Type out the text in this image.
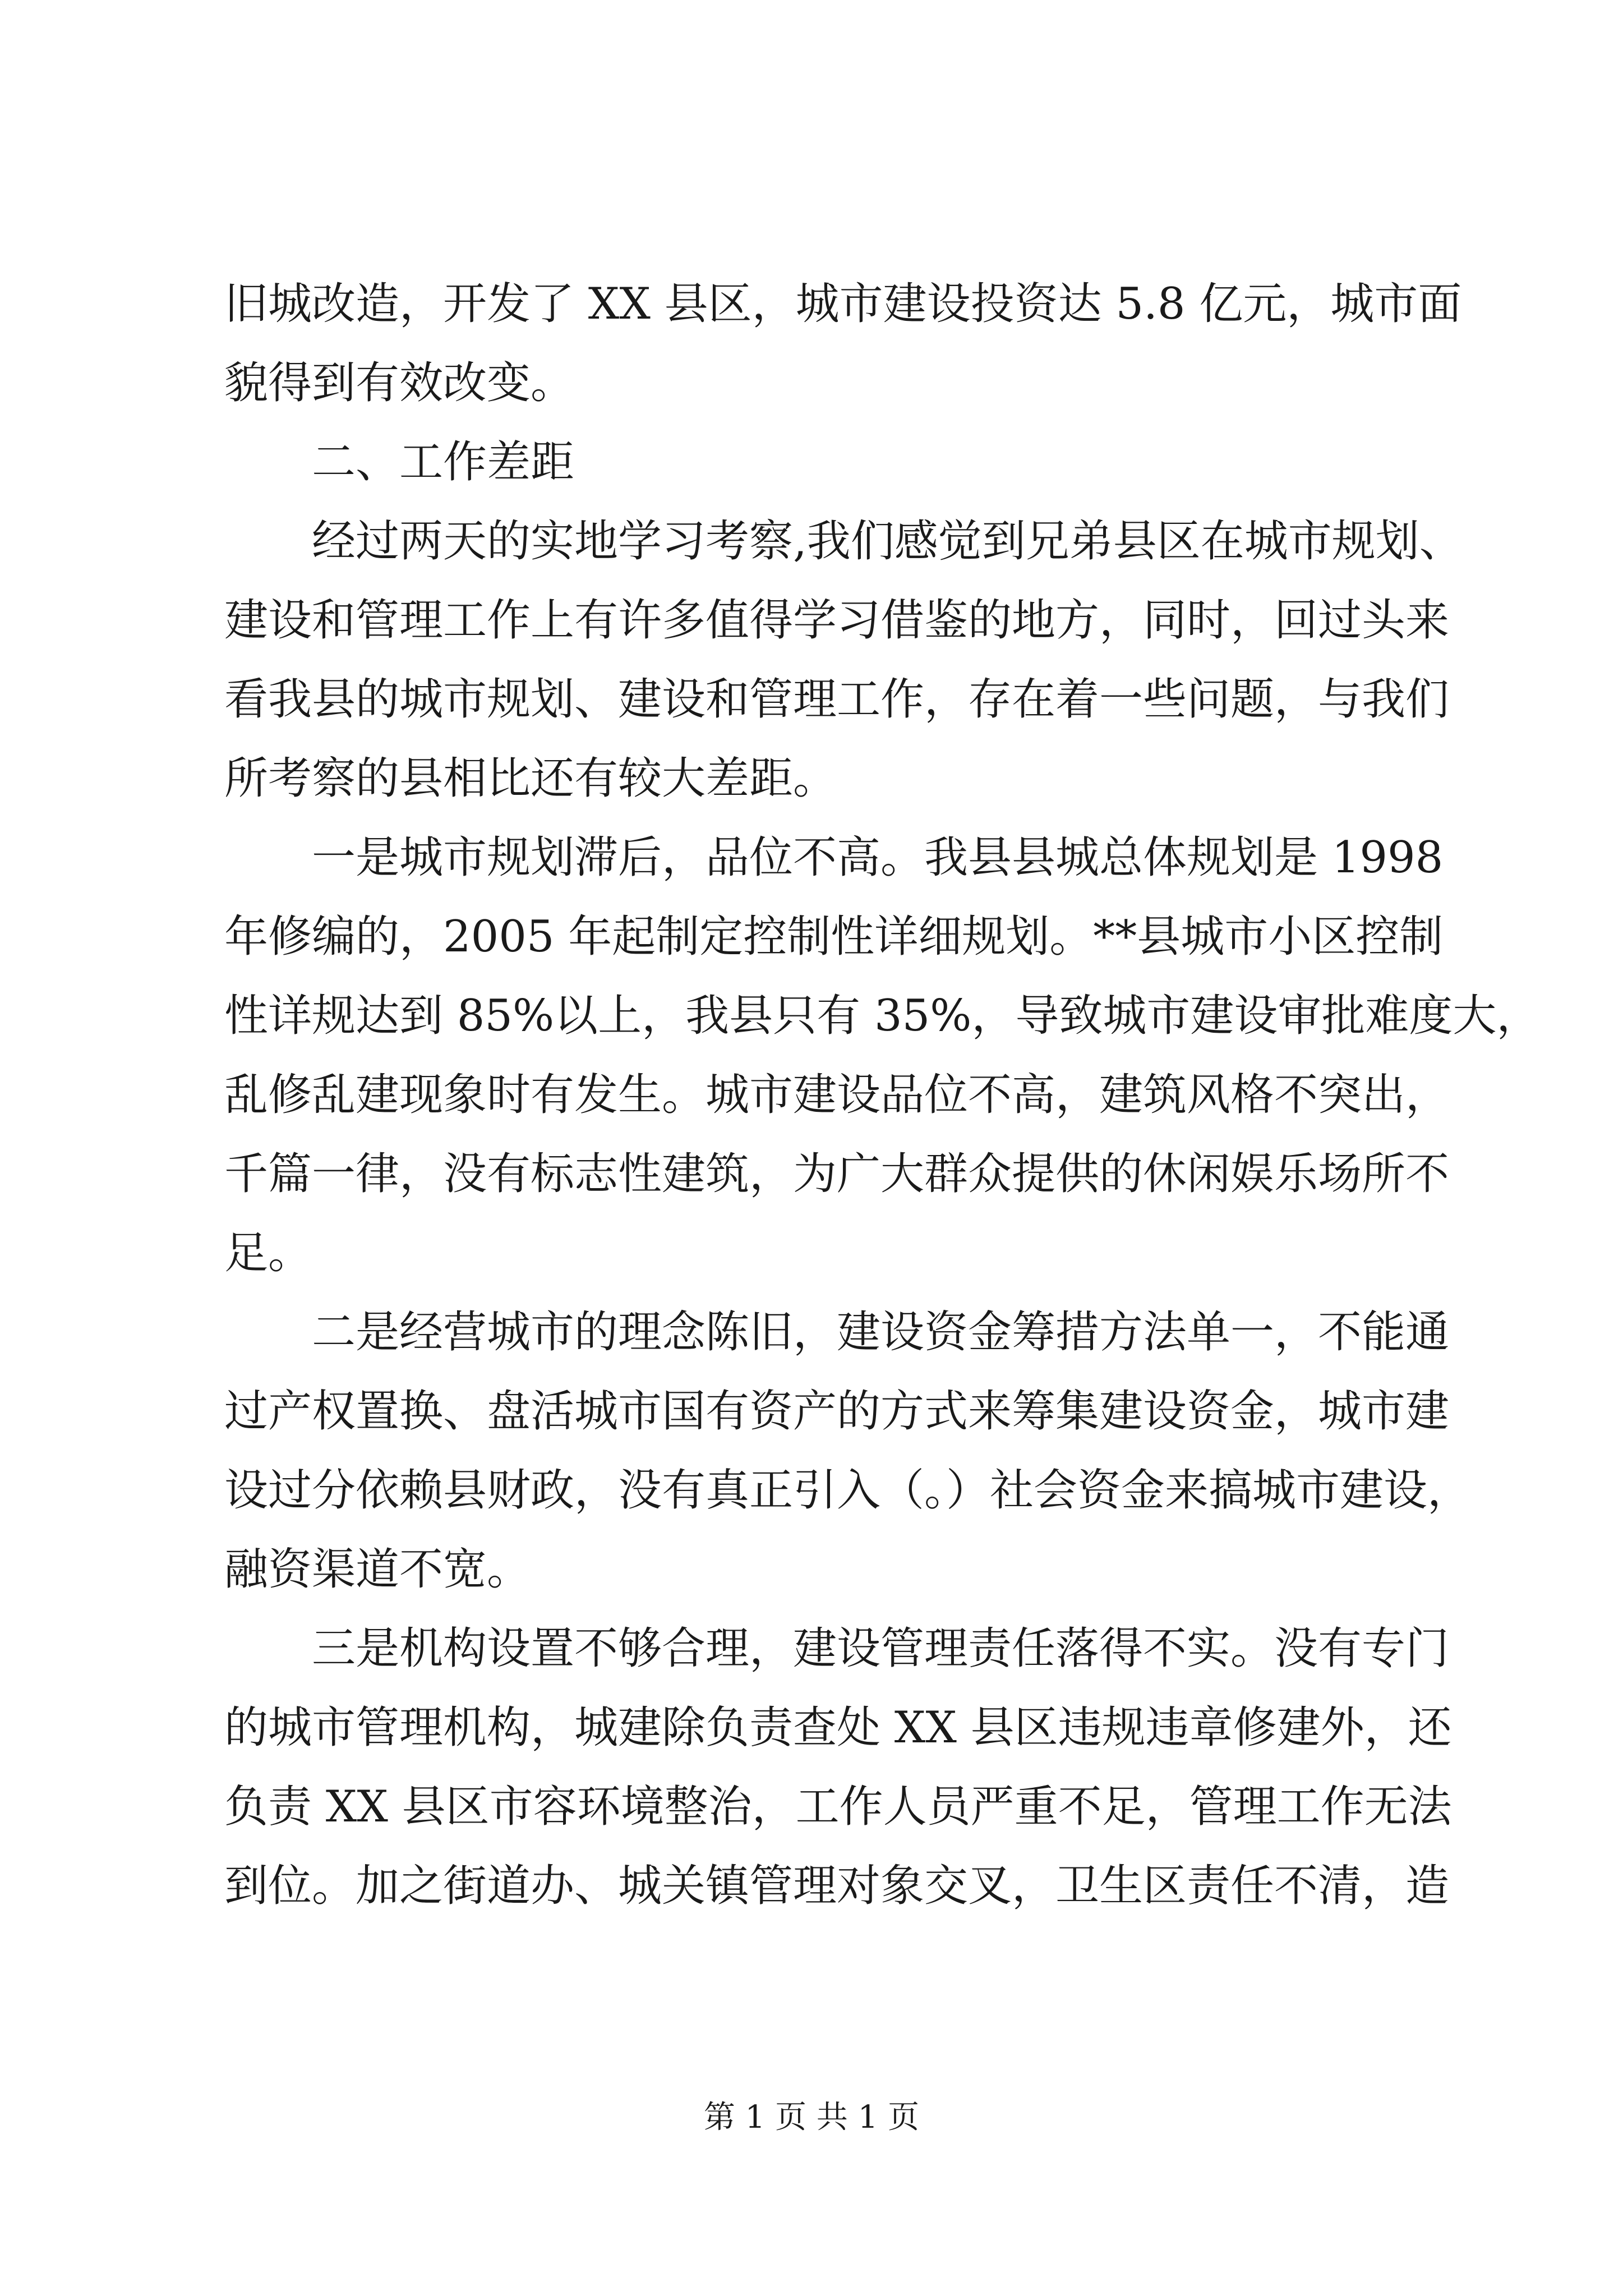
旧城改造，开发了 XX 县区，城市建设投资达 5.8 亿元，城市面
貌得到有效改变。
二、工作差距
经过两天的实地学习考察,我们感觉到兄弟县区在城市规划、
建设和管理工作上有许多值得学习借鉴的地方，同时，回过头来
看我县的城市规划、建设和管理工作，存在着一些问题，与我们
所考察的县相比还有较大差距。
一是城市规划滞后，品位不高。我县县城总体规划是 1998
年修编的，2005 年起制定控制性详细规划。**县城市小区控制
性详规达到 85%以上，我县只有 35%，导致城市建设审批难度大，
乱修乱建现象时有发生。城市建设品位不高，建筑风格不突出，
千篇一律，没有标志性建筑，为广大群众提供的休闲娱乐场所不
足。
二是经营城市的理念陈旧，建设资金筹措方法单一，不能通
过产权置换、盘活城市国有资产的方式来筹集建设资金，城市建
设过分依赖县财政，没有真正引入（。）社会资金来搞城市建设，
融资渠道不宽。
三是机构设置不够合理，建设管理责任落得不实。没有专门
的城市管理机构，城建除负责查处 XX 县区违规违章修建外，还
负责 XX 县区市容环境整治，工作人员严重不足，管理工作无法
到位。加之街道办、城关镇管理对象交叉，卫生区责任不清，造
第 1 页 共 1 页
